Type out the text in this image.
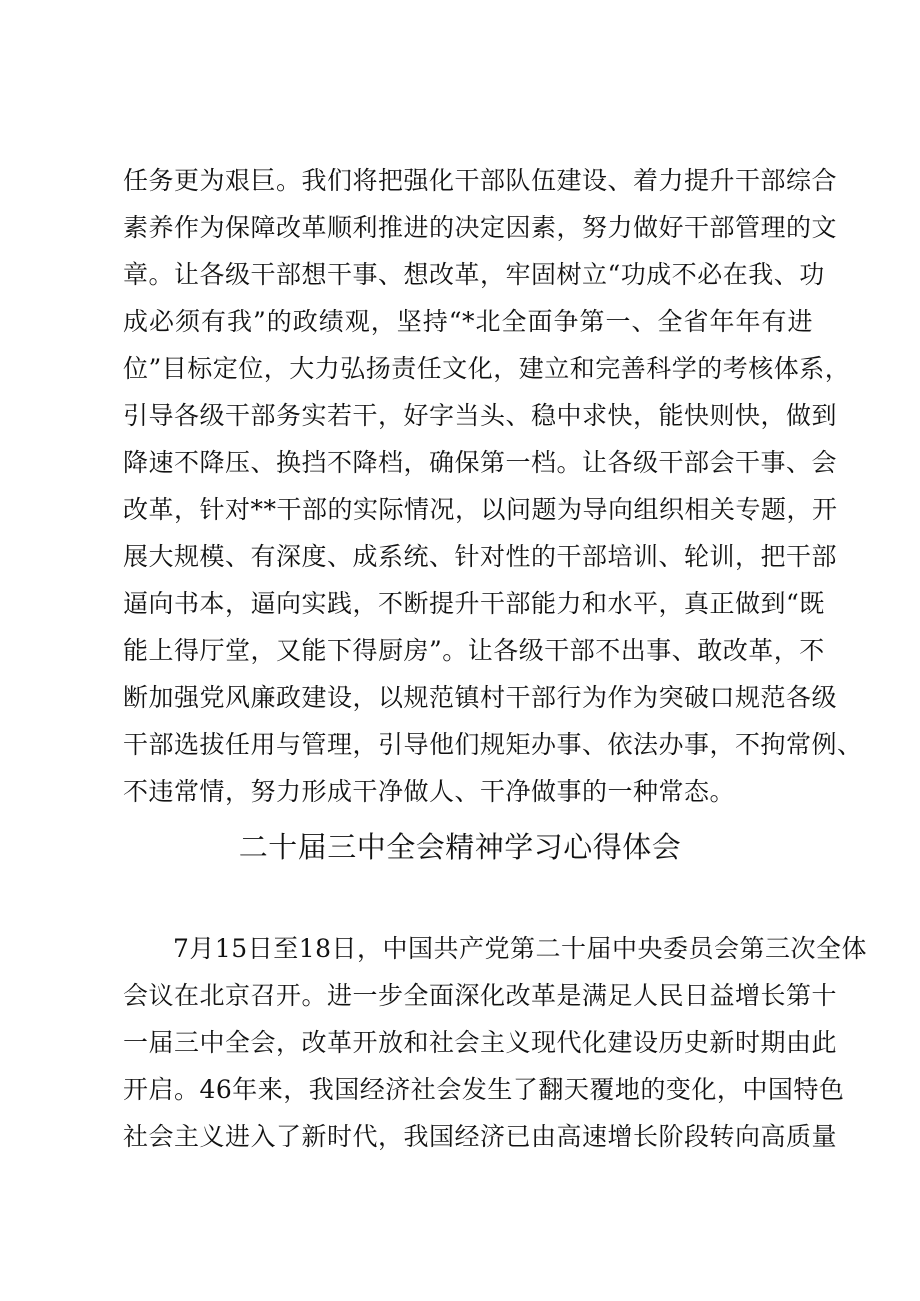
任务更为艰巨。我们将把强化干部队伍建设、着力提升干部综合
素养作为保障改革顺利推进的决定因素，努力做好干部管理的文
章。让各级干部想干事、想改革，牢固树立“功成不必在我、功
成必须有我”的政绩观，坚持“*北全面争第一、全省年年有进
位”目标定位，大力弘扬责任文化，建立和完善科学的考核体系，
引导各级干部务实若干，好字当头、稳中求快，能快则快，做到
降速不降压、换挡不降档，确保第一档。让各级干部会干事、会
改革，针对**干部的实际情况，以问题为导向组织相关专题，开
展大规模、有深度、成系统、针对性的干部培训、轮训，把干部
逼向书本，逼向实践，不断提升干部能力和水平，真正做到“既
能上得厅堂，又能下得厨房”。让各级干部不出事、敢改革，不
断加强党风廉政建设，以规范镇村干部行为作为突破口规范各级
干部选拔任用与管理，引导他们规矩办事、依法办事，不拘常例、
不违常情，努力形成干净做人、干净做事的一种常态。
二十届三中全会精神学习心得体会
7月15日至18日，中国共产党第二十届中央委员会第三次全体
会议在北京召开。进一步全面深化改革是满足人民日益增长第十
一届三中全会，改革开放和社会主义现代化建设历史新时期由此
开启。46年来，我国经济社会发生了翻天覆地的变化，中国特色
社会主义进入了新时代，我国经济已由高速增长阶段转向高质量
